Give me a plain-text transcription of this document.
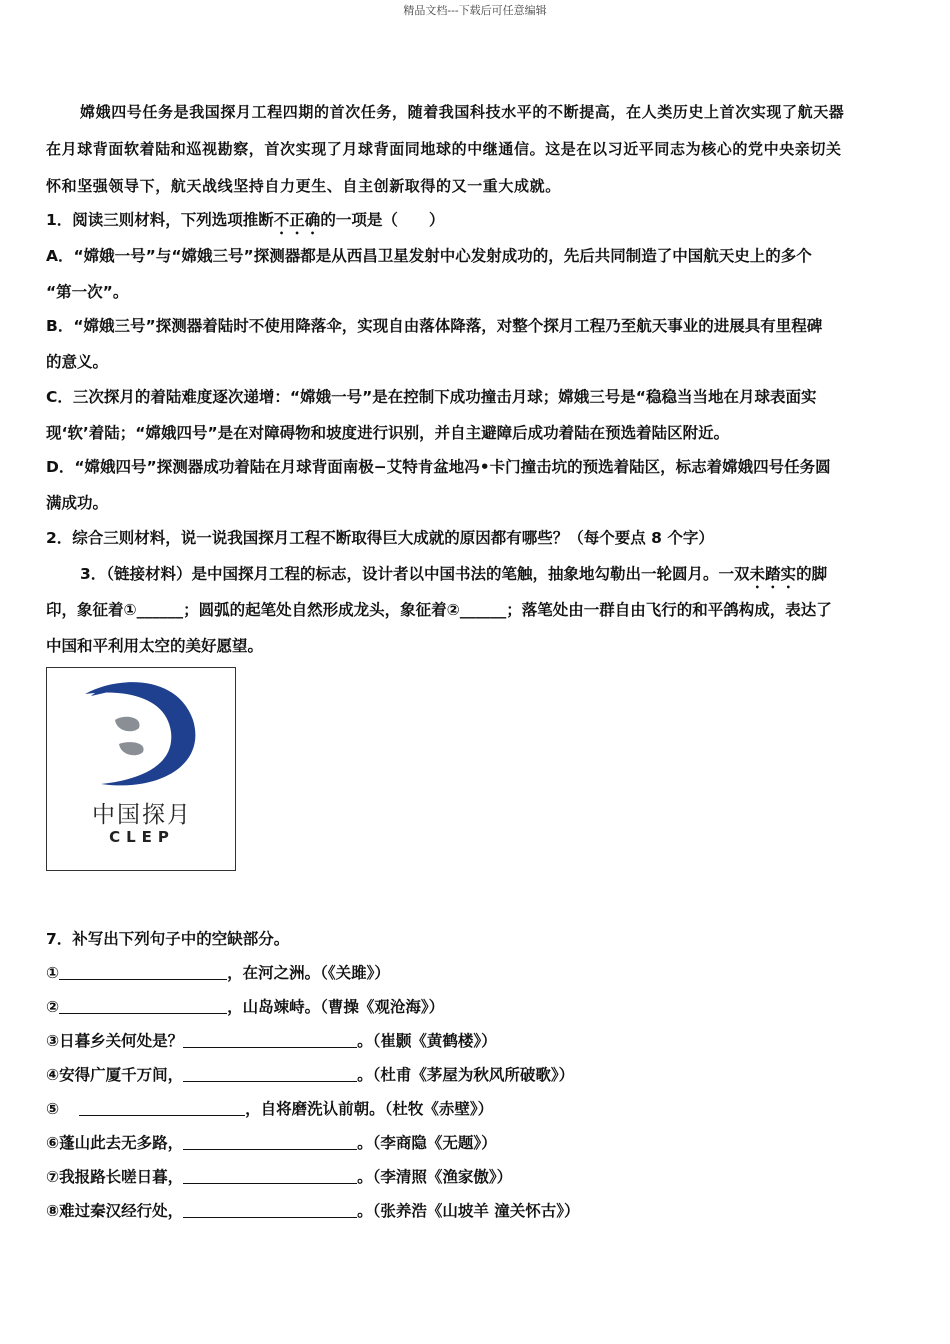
精品文档---下载后可任意编辑
嫦娥四号任务是我国探月工程四期的首次任务，随着我国科技水平的不断提高，在人类历史上首次实现了航天器
在月球背面软着陆和巡视勘察，首次实现了月球背面同地球的中继通信。这是在以习近平同志为核心的党中央亲切关
怀和坚强领导下，航天战线坚持自力更生、自主创新取得的又一重大成就。
1．阅读三则材料，下列选项推断不正确的一项是（　　）
A．“嫦娥一号”与“嫦娥三号”探测器都是从西昌卫星发射中心发射成功的，先后共同制造了中国航天史上的多个
“第一次”。
B．“嫦娥三号”探测器着陆时不使用降落伞，实现自由落体降落，对整个探月工程乃至航天事业的进展具有里程碑
的意义。
C．三次探月的着陆难度逐次递增：“嫦娥一号”是在控制下成功撞击月球；嫦娥三号是“稳稳当当地在月球表面实
现‘软’着陆；“嫦娥四号”是在对障碍物和坡度进行识别，并自主避障后成功着陆在预选着陆区附近。
D．“嫦娥四号”探测器成功着陆在月球背面南极−艾特肯盆地冯•卡门撞击坑的预选着陆区，标志着嫦娥四号任务圆
满成功。
2．综合三则材料，说一说我国探月工程不断取得巨大成就的原因都有哪些？（每个要点 8 个字）
3．（链接材料）是中国探月工程的标志，设计者以中国书法的笔触，抽象地勾勒出一轮圆月。一双未踏实的脚
印，象征着①______；圆弧的起笔处自然形成龙头，象征着②______；落笔处由一群自由飞行的和平鸽构成，表达了
中国和平利用太空的美好愿望。
中国探月
CLEP
7．补写出下列句子中的空缺部分。
①	，在河之洲。（《关雎》）
②	，山岛竦峙。（曹操《观沧海》）
③日暮乡关何处是？	。（崔颢《黄鹤楼》）
④安得广厦千万间，	。（杜甫《茅屋为秋风所破歌》）
⑤	，自将磨洗认前朝。（杜牧《赤壁》）
⑥蓬山此去无多路，	。（李商隐《无题》）
⑦我报路长嗟日暮，	。（李清照《渔家傲》）
⑧难过秦汉经行处，	。（张养浩《山坡羊 潼关怀古》）
